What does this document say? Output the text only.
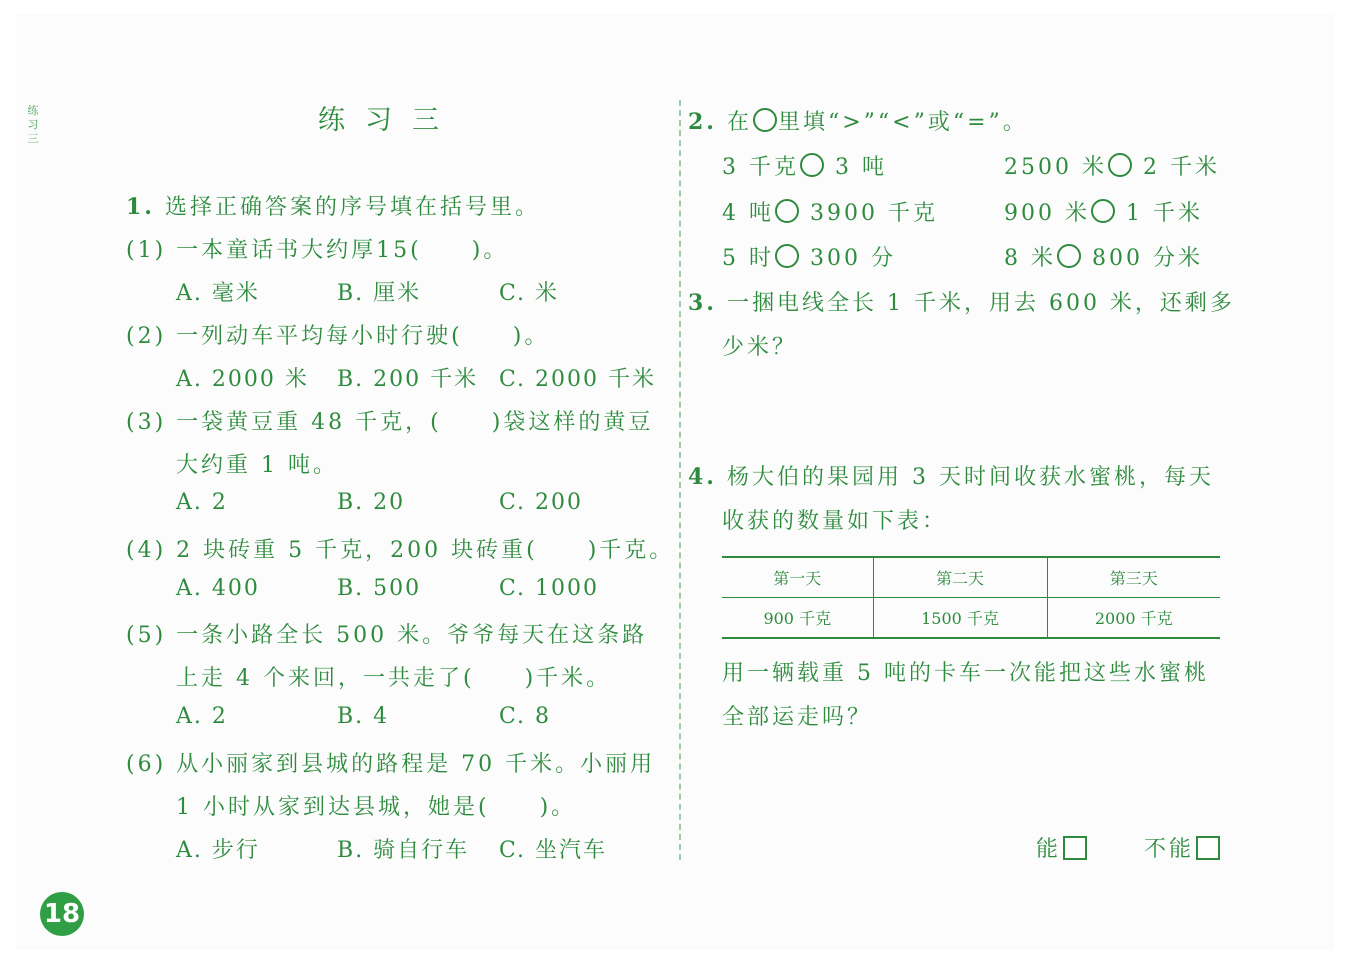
练习三
练习三
1. 选择正确答案的序号填在括号里。
(1) 一本童话书大约厚15(　　)。
A. 毫米	B. 厘米	C. 米
(2) 一列动车平均每小时行驶(　　)。
A. 2000 米 B. 200 千米 C. 2000 千米
(3) 一袋黄豆重 48 千克，(　　)袋这样的黄豆
大约重 1 吨。
A. 2	B. 20	C. 200
(4) 2 块砖重 5 千克，200 块砖重(　　)千克。
A. 400	B. 500	C. 1000
(5) 一条小路全长 500 米。爷爷每天在这条路
上走 4 个来回，一共走了(　　)千米。
A. 2	B. 4	C. 8
(6) 从小丽家到县城的路程是 70 千米。小丽用
1 小时从家到达县城，她是(　　)。
A. 步行	B. 骑自行车 C. 坐汽车
2. 在 里填“>”“<”或“=”。
3 千克 3 吨	2500 米 2 千米
4 吨 3900 千克	900 米 1 千米
5 时 300 分	8 米 800 分米
3. 一捆电线全长 1 千米，用去 600 米，还剩多
少米？
4. 杨大伯的果园用 3 天时间收获水蜜桃，每天
收获的数量如下表：
第一天	第二天	第三天
900 千克	1500 千克	2000 千克
用一辆载重 5 吨的卡车一次能把这些水蜜桃
全部运走吗？
能	不能
18
